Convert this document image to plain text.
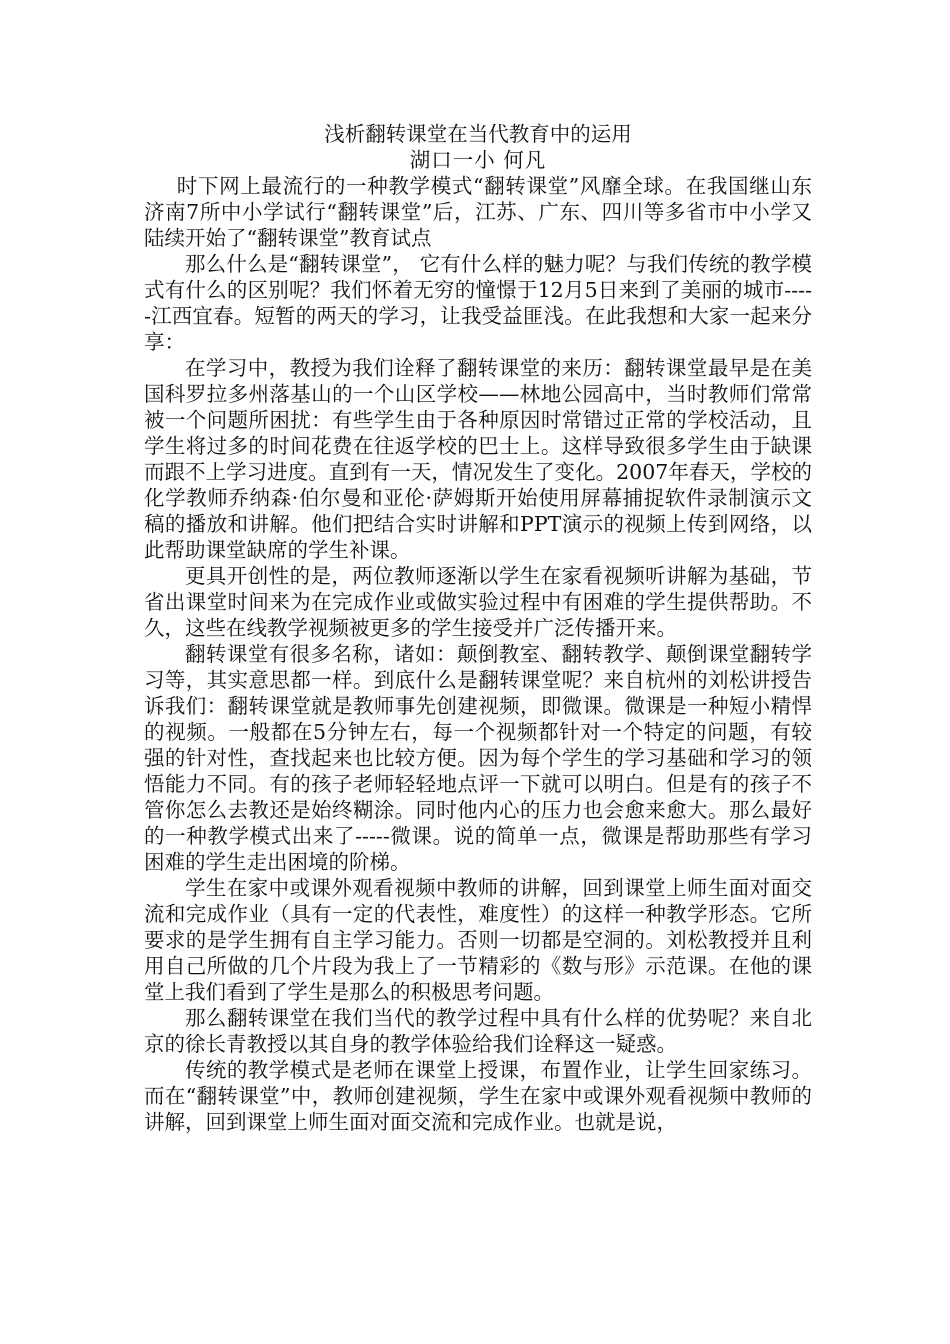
浅析翻转课堂在当代教育中的运用
湖口一小 何凡

时下网上最流行的一种教学模式“翻转课堂”风靡全球。在我国继山东济南7所中小学试行“翻转课堂”后，江苏、广东、四川等多省市中小学又陆续开始了“翻转课堂”教育试点

那么什么是“翻转课堂”， 它有什么样的魅力呢？与我们传统的教学模式有什么的区别呢？我们怀着无穷的憧憬于12月5日来到了美丽的城市-----江西宜春。短暂的两天的学习，让我受益匪浅。在此我想和大家一起来分享：

在学习中，教授为我们诠释了翻转课堂的来历：翻转课堂最早是在美国科罗拉多州落基山的一个山区学校——林地公园高中，当时教师们常常被一个问题所困扰：有些学生由于各种原因时常错过正常的学校活动，且学生将过多的时间花费在往返学校的巴士上。这样导致很多学生由于缺课而跟不上学习进度。直到有一天，情况发生了变化。2007年春天，学校的化学教师乔纳森·伯尔曼和亚伦·萨姆斯开始使用屏幕捕捉软件录制演示文稿的播放和讲解。他们把结合实时讲解和PPT演示的视频上传到网络，以此帮助课堂缺席的学生补课。

更具开创性的是，两位教师逐渐以学生在家看视频听讲解为基础，节省出课堂时间来为在完成作业或做实验过程中有困难的学生提供帮助。不久，这些在线教学视频被更多的学生接受并广泛传播开来。

翻转课堂有很多名称，诸如：颠倒教室、翻转教学、颠倒课堂翻转学习等，其实意思都一样。到底什么是翻转课堂呢？来自杭州的刘松讲授告诉我们：翻转课堂就是教师事先创建视频，即微课。微课是一种短小精悍的视频。一般都在5分钟左右，每一个视频都针对一个特定的问题，有较强的针对性，查找起来也比较方便。因为每个学生的学习基础和学习的领悟能力不同。有的孩子老师轻轻地点评一下就可以明白。但是有的孩子不管你怎么去教还是始终糊涂。同时他内心的压力也会愈来愈大。那么最好的一种教学模式出来了-----微课。说的简单一点，微课是帮助那些有学习困难的学生走出困境的阶梯。

学生在家中或课外观看视频中教师的讲解，回到课堂上师生面对面交流和完成作业（具有一定的代表性，难度性）的这样一种教学形态。它所要求的是学生拥有自主学习能力。否则一切都是空洞的。刘松教授并且利用自己所做的几个片段为我上了一节精彩的《数与形》示范课。在他的课堂上我们看到了学生是那么的积极思考问题。

那么翻转课堂在我们当代的教学过程中具有什么样的优势呢？来自北京的徐长青教授以其自身的教学体验给我们诠释这一疑惑。

传统的教学模式是老师在课堂上授课，布置作业，让学生回家练习。而在“翻转课堂”中，教师创建视频，学生在家中或课外观看视频中教师的讲解，回到课堂上师生面对面交流和完成作业。也就是说，
